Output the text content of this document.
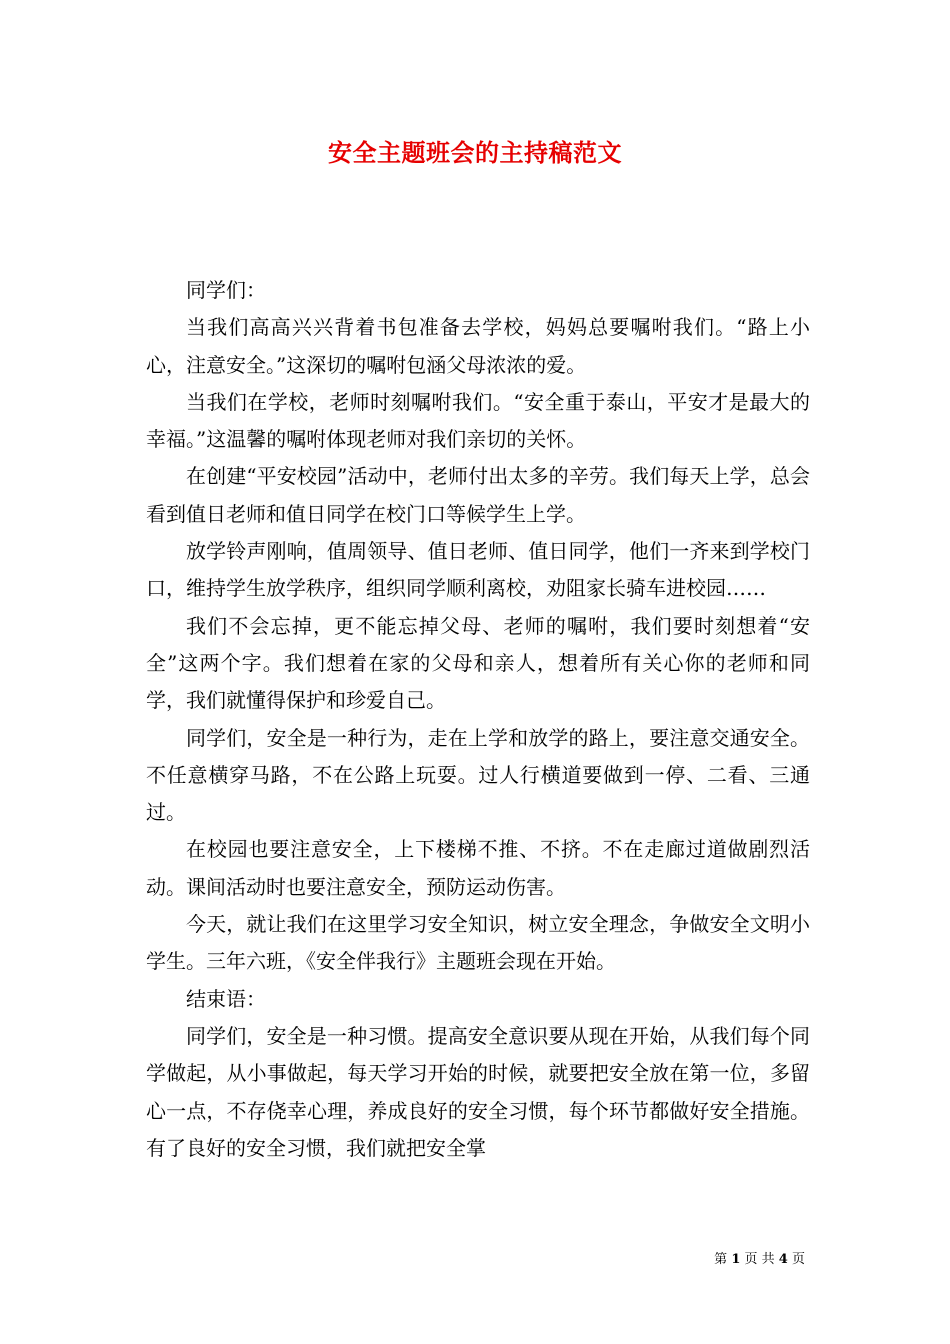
安全主题班会的主持稿范文

同学们：

当我们高高兴兴背着书包准备去学校，妈妈总要嘱咐我们。“路上小心，注意安全。”这深切的嘱咐包涵父母浓浓的爱。

当我们在学校，老师时刻嘱咐我们。“安全重于泰山，平安才是最大的幸福。”这温馨的嘱咐体现老师对我们亲切的关怀。

在创建“平安校园”活动中，老师付出太多的辛劳。我们每天上学，总会看到值日老师和值日同学在校门口等候学生上学。

放学铃声刚响，值周领导、值日老师、值日同学，他们一齐来到学校门口，维持学生放学秩序，组织同学顺利离校，劝阻家长骑车进校园……

我们不会忘掉，更不能忘掉父母、老师的嘱咐，我们要时刻想着“安全”这两个字。我们想着在家的父母和亲人，想着所有关心你的老师和同学，我们就懂得保护和珍爱自己。

同学们，安全是一种行为，走在上学和放学的路上，要注意交通安全。不任意横穿马路，不在公路上玩耍。过人行横道要做到一停、二看、三通过。

在校园也要注意安全，上下楼梯不推、不挤。不在走廊过道做剧烈活动。课间活动时也要注意安全，预防运动伤害。

今天，就让我们在这里学习安全知识，树立安全理念，争做安全文明小学生。三年六班，《安全伴我行》主题班会现在开始。

结束语：

同学们，安全是一种习惯。提高安全意识要从现在开始，从我们每个同学做起，从小事做起，每天学习开始的时候，就要把安全放在第一位，多留心一点，不存侥幸心理，养成良好的安全习惯，每个环节都做好安全措施。有了良好的安全习惯，我们就把安全掌

第 1 页 共 4 页
